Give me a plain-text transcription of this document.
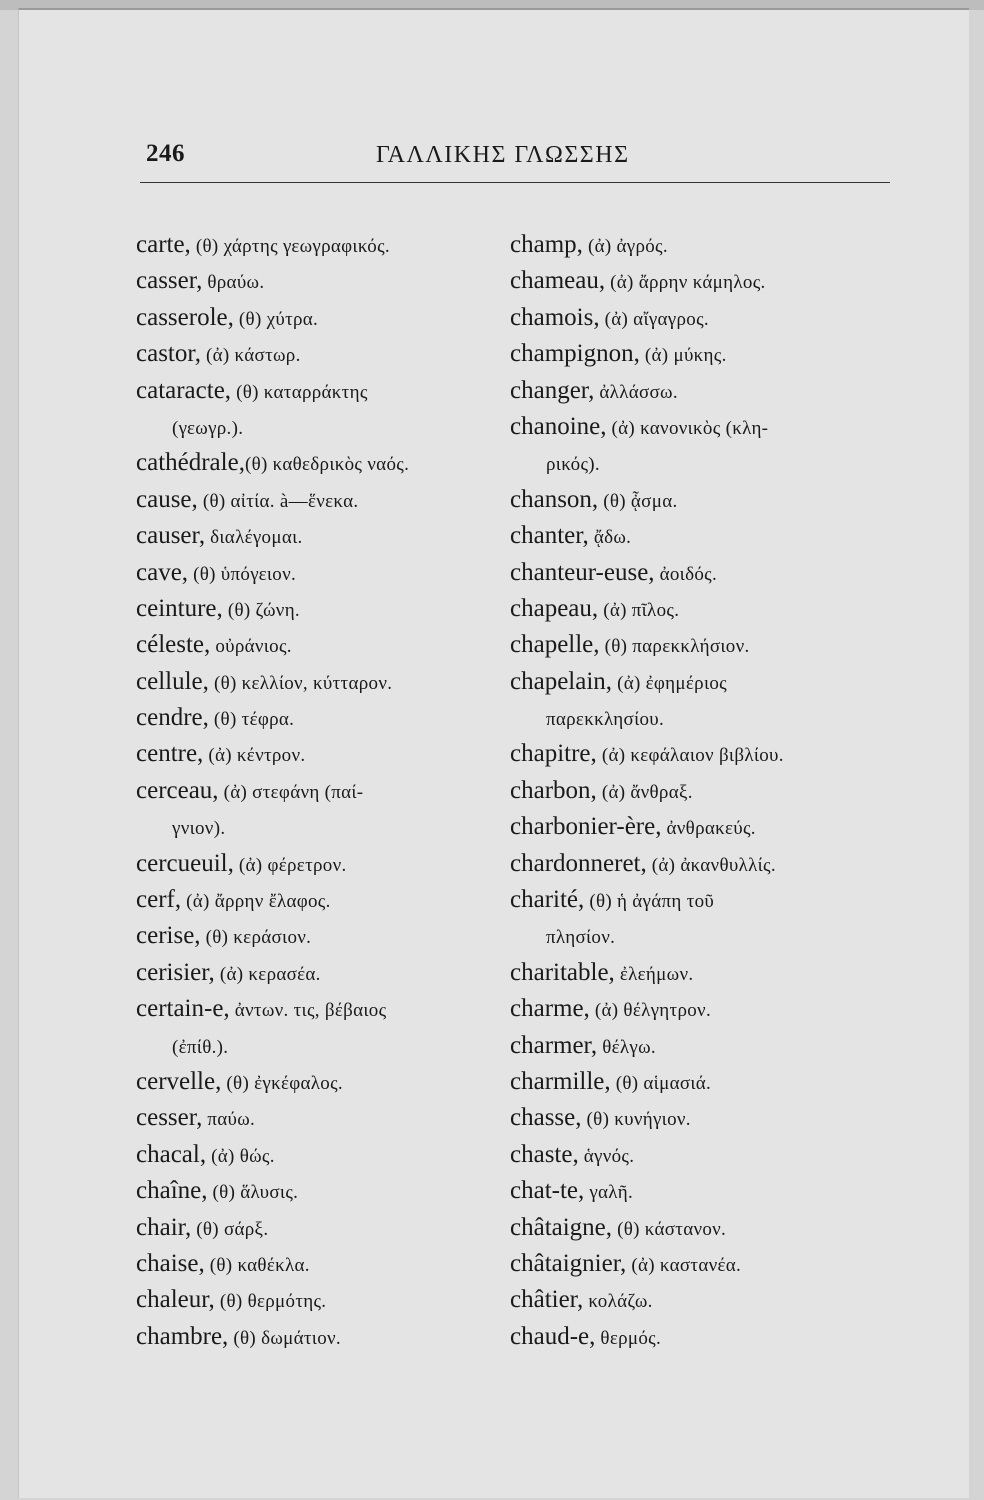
246	ΓΑΛΛΙΚΗΣ ΓΛΩΣΣΗΣ
carte, (θ) χάρτης γεωγραφικός.
casser, θραύω.
casserole, (θ) χύτρα.
castor, (ἀ) κάστωρ.
cataracte, (θ) καταρράκτης
(γεωγρ.).
cathédrale,(θ) καθεδρικὸς ναός.
cause, (θ) αἰτία. à—ἕνεκα.
causer, διαλέγομαι.
cave, (θ) ὑπόγειον.
ceinture, (θ) ζώνη.
céleste, οὐράνιος.
cellule, (θ) κελλίον, κύτταρον.
cendre, (θ) τέφρα.
centre, (ἀ) κέντρον.
cerceau, (ἀ) στεφάνη (παί-
γνιον).
cercueuil, (ἀ) φέρετρον.
cerf, (ἀ) ἄρρην ἔλαφος.
cerise, (θ) κεράσιον.
cerisier, (ἀ) κερασέα.
certain-e, ἀντων. τις, βέβαιος
(ἐπίθ.).
cervelle, (θ) ἐγκέφαλος.
cesser, παύω.
chacal, (ἀ) θώς.
chaîne, (θ) ἅλυσις.
chair, (θ) σάρξ.
chaise, (θ) καθέκλα.
chaleur, (θ) θερμότης.
chambre, (θ) δωμάτιον.
champ, (ἀ) ἀγρός.
chameau, (ἀ) ἄρρην κάμηλος.
chamois, (ἀ) αἴγαγρος.
champignon, (ἀ) μύκης.
changer, ἀλλάσσω.
chanoine, (ἀ) κανονικὸς (κλη-
ρικός).
chanson, (θ) ᾆσμα.
chanter, ᾄδω.
chanteur-euse, ἀοιδός.
chapeau, (ἀ) πῖλος.
chapelle, (θ) παρεκκλήσιον.
chapelain, (ἀ) ἐφημέριος
παρεκκλησίου.
chapitre, (ἀ) κεφάλαιον βιβλίου.
charbon, (ἀ) ἄνθραξ.
charbonier-ère, ἀνθρακεύς.
chardonneret, (ἀ) ἀκανθυλλίς.
charité, (θ) ἡ ἀγάπη τοῦ
πλησίον.
charitable, ἐλεήμων.
charme, (ἀ) θέλγητρον.
charmer, θέλγω.
charmille, (θ) αἱμασιά.
chasse, (θ) κυνήγιον.
chaste, ἁγνός.
chat-te, γαλῆ.
châtaigne, (θ) κάστανον.
châtaignier, (ἀ) καστανέα.
châtier, κολάζω.
chaud-e, θερμός.
